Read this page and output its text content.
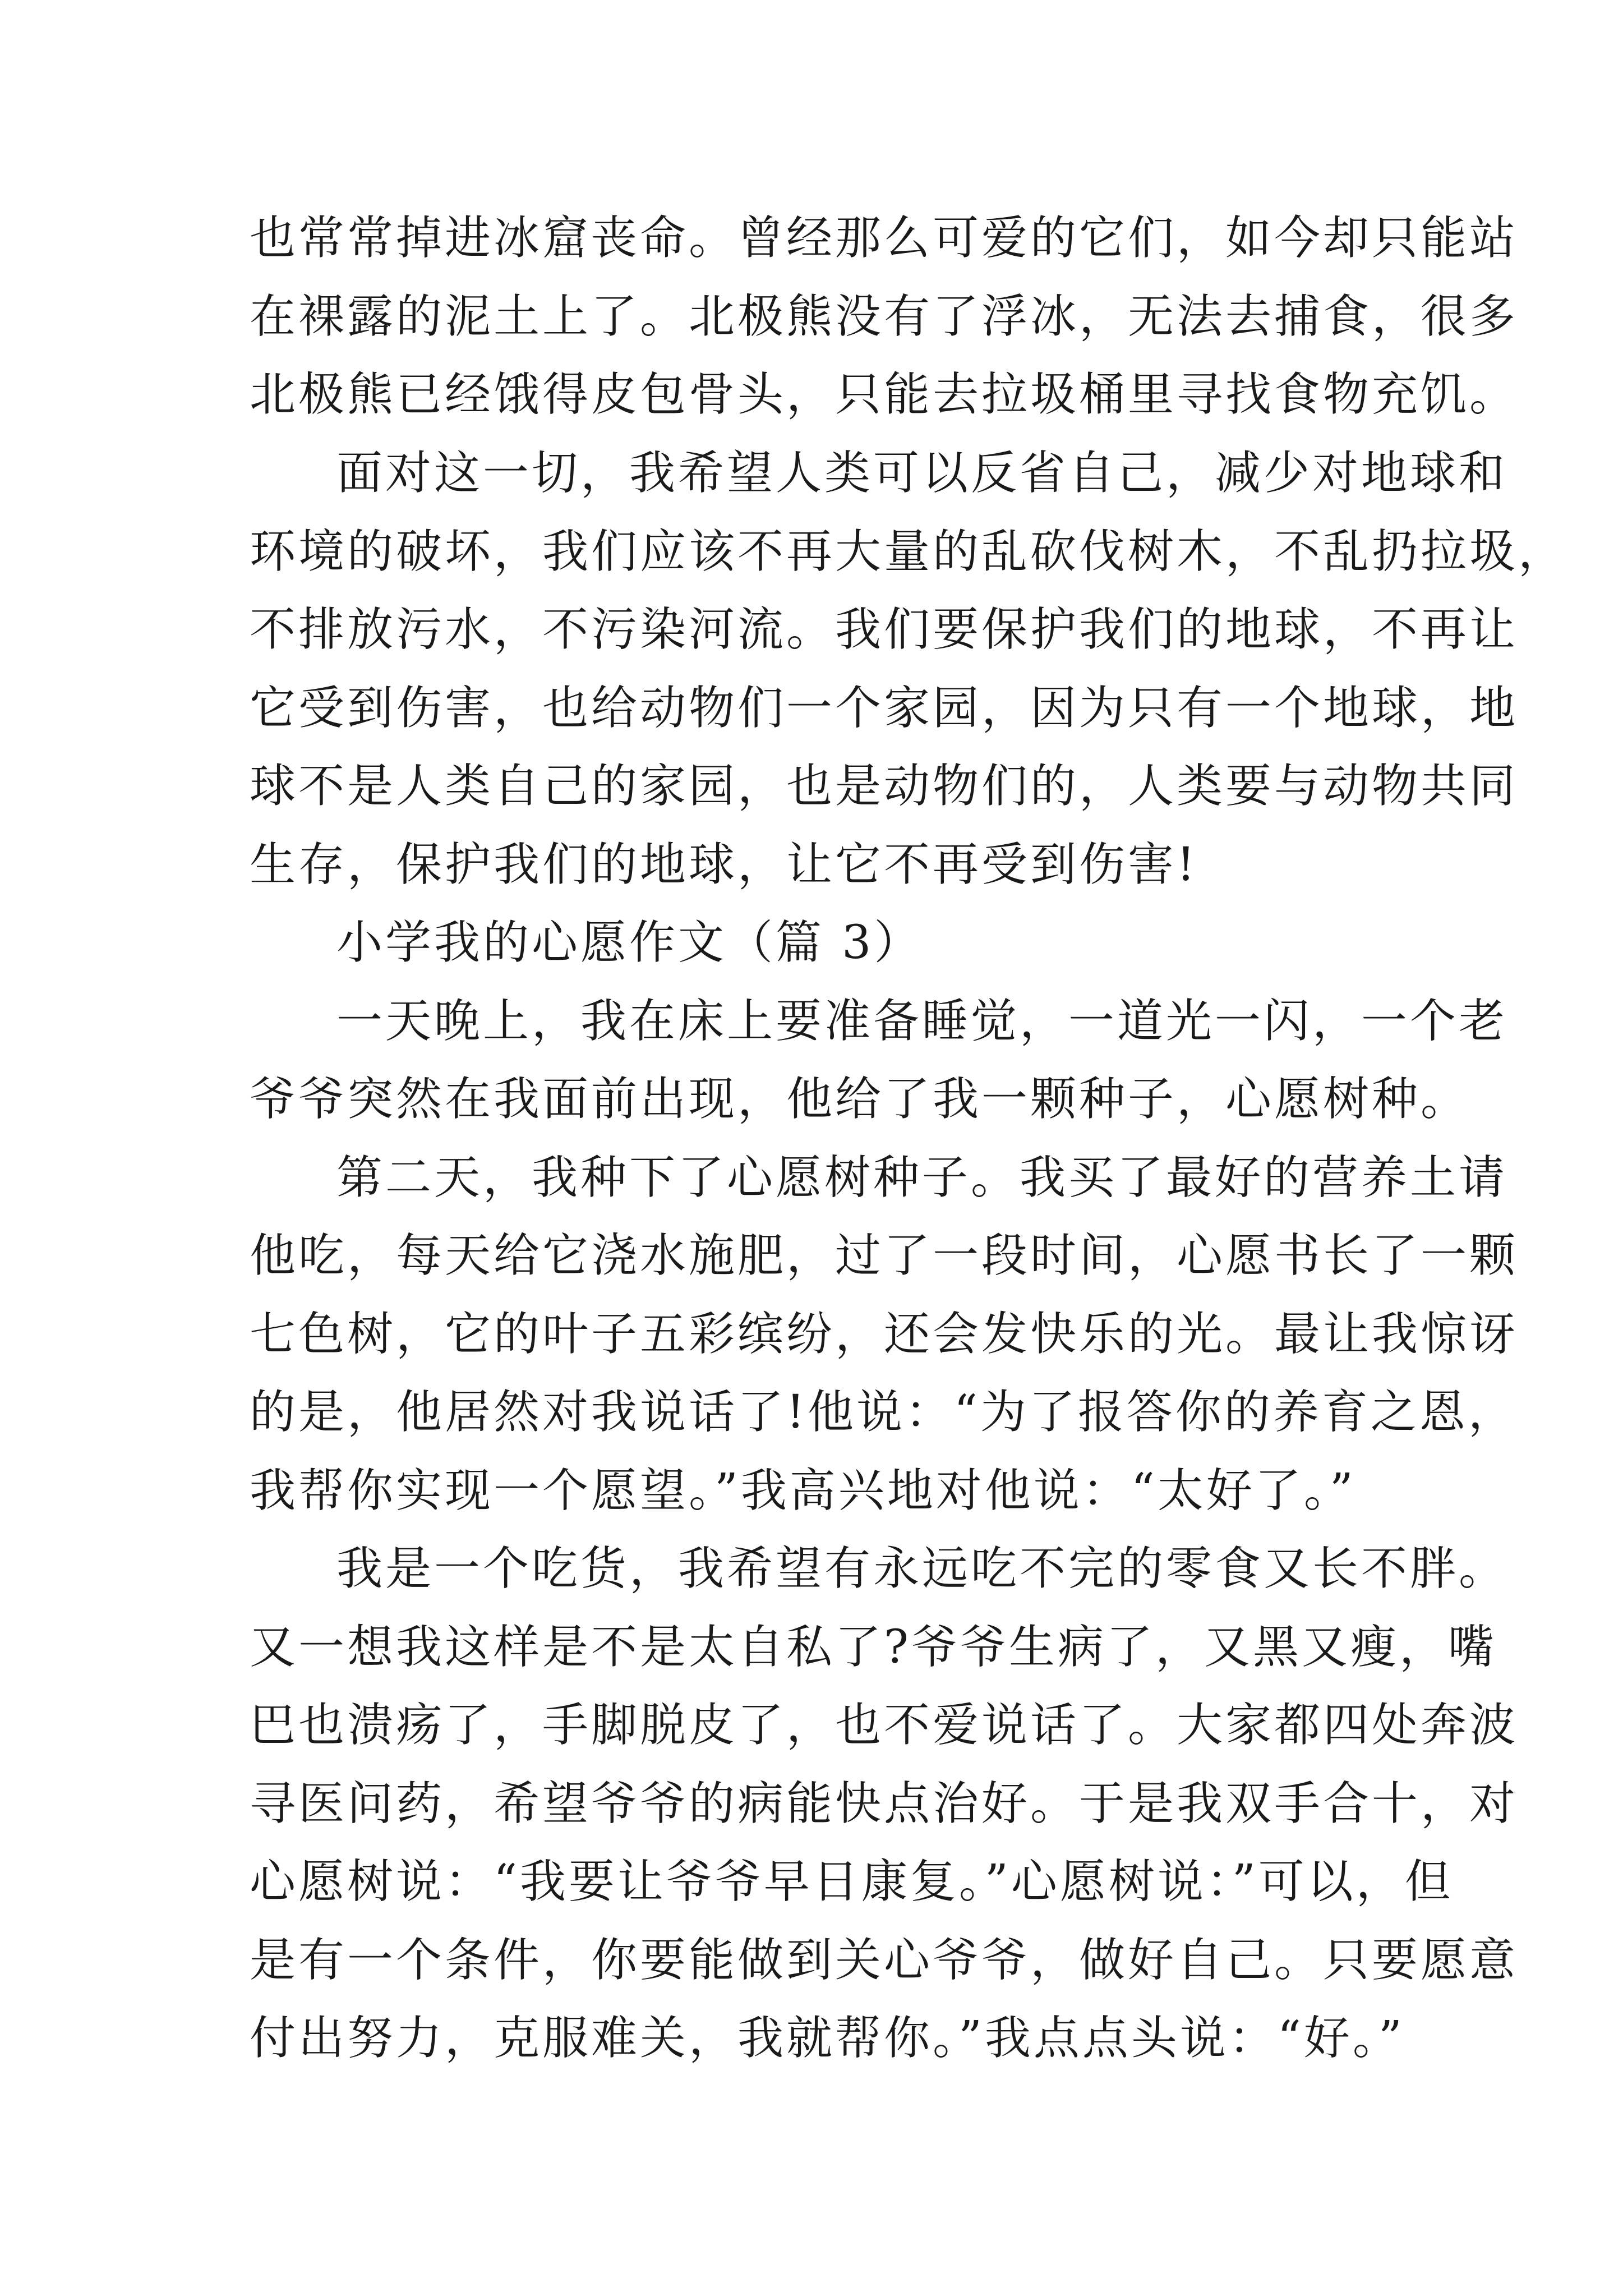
也常常掉进冰窟丧命。曾经那么可爱的它们，如今却只能站
在裸露的泥土上了。北极熊没有了浮冰，无法去捕食，很多
北极熊已经饿得皮包骨头，只能去拉圾桶里寻找食物充饥。
面对这一切，我希望人类可以反省自己，减少对地球和
环境的破坏，我们应该不再大量的乱砍伐树木，不乱扔拉圾，
不排放污水，不污染河流。我们要保护我们的地球，不再让
它受到伤害，也给动物们一个家园，因为只有一个地球，地
球不是人类自己的家园，也是动物们的，人类要与动物共同
生存，保护我们的地球，让它不再受到伤害!
小学我的心愿作文（篇 3）
一天晚上，我在床上要准备睡觉，一道光一闪，一个老
爷爷突然在我面前出现，他给了我一颗种子，心愿树种。
第二天，我种下了心愿树种子。我买了最好的营养土请
他吃，每天给它浇水施肥，过了一段时间，心愿书长了一颗
七色树，它的叶子五彩缤纷，还会发快乐的光。最让我惊讶
的是，他居然对我说话了!他说：“为了报答你的养育之恩，
我帮你实现一个愿望。”我高兴地对他说：“太好了。”
我是一个吃货，我希望有永远吃不完的零食又长不胖。
又一想我这样是不是太自私了?爷爷生病了，又黑又瘦，嘴
巴也溃疡了，手脚脱皮了，也不爱说话了。大家都四处奔波
寻医问药，希望爷爷的病能快点治好。于是我双手合十，对
心愿树说：“我要让爷爷早日康复。”心愿树说：”可以，但
是有一个条件，你要能做到关心爷爷，做好自己。只要愿意
付出努力，克服难关，我就帮你。”我点点头说：“好。”
